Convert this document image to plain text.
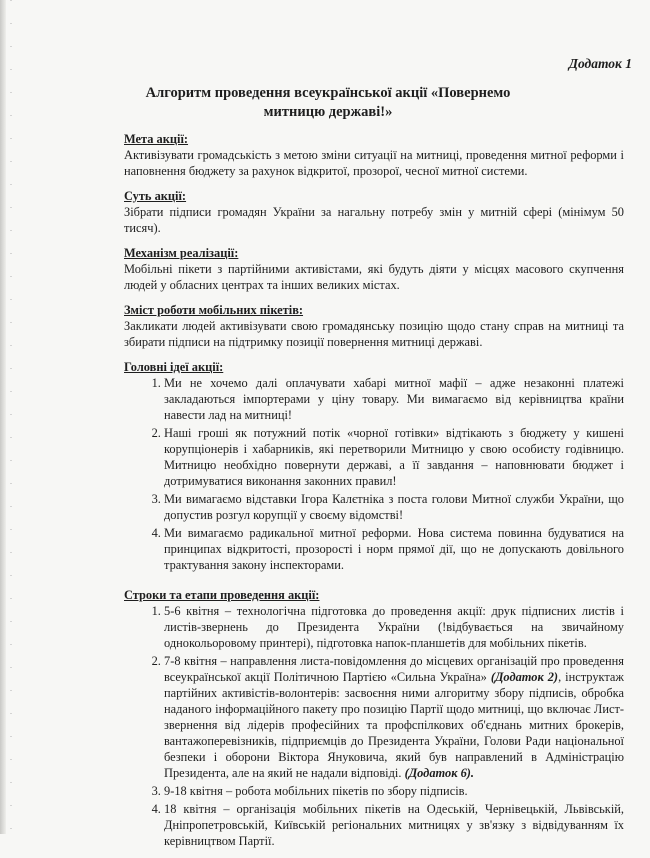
Додаток 1
Алгоритм проведення всеукраїнської акції «Повернемо митницю державі!»
Мета акції:
Активізувати громадськість з метою зміни ситуації на митниці, проведення митної реформи і наповнення бюджету за рахунок відкритої, прозорої, чесної митної системи.
Суть акції:
Зібрати підписи громадян України за нагальну потребу змін у митній сфері (мінімум 50 тисяч).
Механізм реалізації:
Мобільні пікети з партійними активістами, які будуть діяти у місцях масового скупчення людей у обласних центрах та інших великих містах.
Зміст роботи мобільних пікетів:
Закликати людей активізувати свою громадянську позицію щодо стану справ на митниці та збирати підписи на підтримку позиції повернення митниці державі.
Головні ідеї акції:
1. Ми не хочемо далі оплачувати хабарі митної мафії – адже незаконні платежі закладаються імпортерами у ціну товару. Ми вимагаємо від керівництва країни навести лад на митниці!
2. Наші гроші як потужний потік «чорної готівки» відтікають з бюджету у кишені корупціонерів і хабарників, які перетворили Митницю у свою особисту годівницю. Митницю необхідно повернути державі, а її завдання – наповнювати бюджет і дотримуватися виконання законних правил!
3. Ми вимагаємо відставки Ігора Калєтніка з поста голови Митної служби України, що допустив розгул корупції у своєму відомстві!
4. Ми вимагаємо радикальної митної реформи. Нова система повинна будуватися на принципах відкритості, прозорості і норм прямої дії, що не допускають довільного трактування закону інспекторами.
Строки та етапи проведення акції:
1. 5-6 квітня – технологічна підготовка до проведення акції: друк підписних листів і листів-звернень до Президента України (!відбувається на звичайному однокольоровому принтері), підготовка напок-планшетів для мобільних пікетів.
2. 7-8 квітня – направлення листа-повідомлення до місцевих організацій про проведення всеукраїнської акції Політичною Партією «Сильна Україна» (Додаток 2), інструктаж партійних активістів-волонтерів: засвоєння ними алгоритму збору підписів, обробка наданого інформаційного пакету про позицію Партії щодо митниці, що включає Лист-звернення від лідерів професійних та профспілкових об'єднань митних брокерів, вантажоперевізників, підприємців до Президента України, Голови Ради національної безпеки і оборони Віктора Януковича, який був направлений в Адміністрацію Президента, але на який не надали відповіді. (Додаток 6).
3. 9-18 квітня – робота мобільних пікетів по збору підписів.
4. 18 квітня – організація мобільних пікетів на Одеській, Чернівецькій, Львівській, Дніпропетровській, Київській регіональних митницях у зв'язку з відвідуванням їх керівництвом Партії.
